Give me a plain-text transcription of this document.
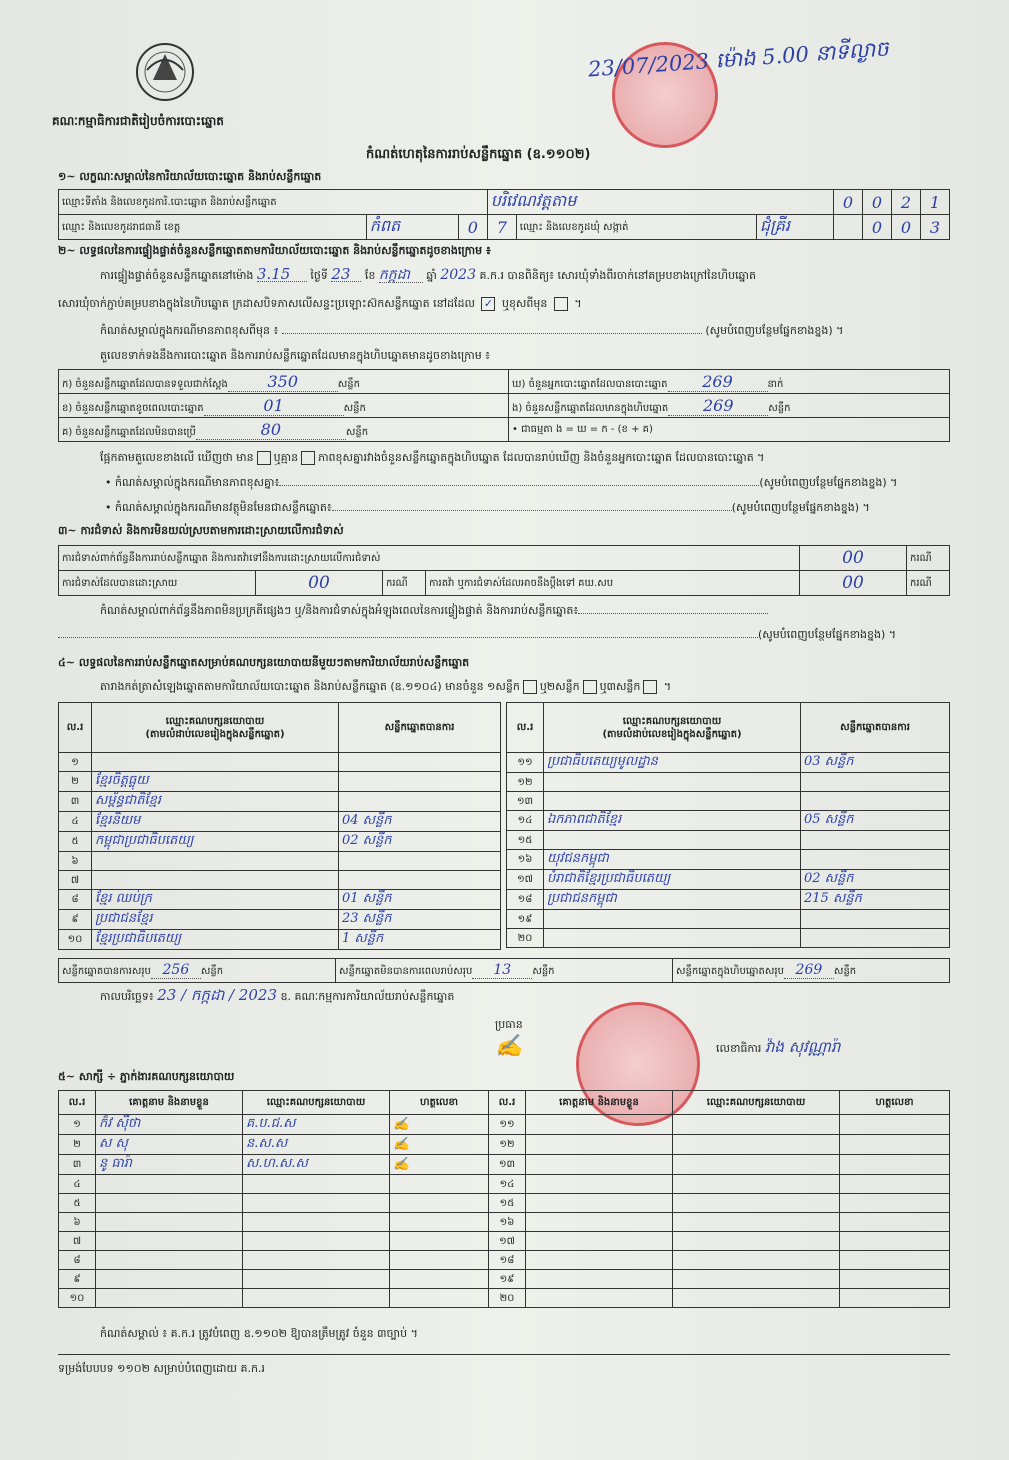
គណៈកម្មាធិការជាតិរៀបចំការបោះឆ្នោត
កំណត់ហេតុនៃការរាប់សន្លឹកឆ្នោត (ឧ.១១០២)
23/07/2023 ម៉ោង 5.00 នាទីល្ងាច
១~ លក្ខណៈសម្គាល់នៃការិយាល័យបោះឆ្នោត និងរាប់សន្លឹកឆ្នោត
ឈ្មោះទីតាំង និងលេខកូដការិ.បោះឆ្នោត និងរាប់សន្លឹកឆ្នោត			បរិវេណវត្តតាម			0	0	2	1
ឈ្មោះ និងលេខកូដរាជធានី ខេត្ត	កំពត	0	7	ឈ្មោះ និងលេខកូដឃុំ សង្កាត់	ជុំគ្រីរ		0	0	3
២~ លទ្ធផលនៃការផ្ទៀងផ្ទាត់ចំនួនសន្លឹកឆ្នោតតាមការិយាល័យបោះឆ្នោត និងរាប់សន្លឹកឆ្នោតដូចខាងក្រោម ៖
ការផ្ទៀងផ្ទាត់ចំនួនសន្លឹកឆ្នោតនៅម៉ោង 3.15 ថ្ងៃទី 23 ខែ កក្កដា ឆ្នាំ 2023 គ.ក.រ បានពិនិត្យ៖ សោរឃុំទាំងពីរចាក់នៅគម្របខាងក្រៅនៃហិបឆ្នោត
សោរឃុំចាក់ភ្ជាប់គម្របខាងក្នុងនៃហិបឆ្នោត ក្រដាសបិទភាសលើសន្ទះប្រឡោះស៊កសន្លឹកឆ្នោត នៅដដែល ✓ ឬខុសពីមុន  ។
កំណត់សម្គាល់ក្នុងករណីមានភាពខុសពីមុន ៖	(សូមបំពេញបន្ថែមផ្នែកខាងខ្នង) ។
តួលេខទាក់ទងនឹងការបោះឆ្នោត និងការរាប់សន្លឹកឆ្នោតដែលមានក្នុងហិបឆ្នោតមានដូចខាងក្រោម ៖
ក) ចំនួនសន្លឹកឆ្នោតដែលបានទទួលជាក់ស្តែង 350 សន្លឹក	ឃ) ចំនួនអ្នកបោះឆ្នោតដែលបានបោះឆ្នោត 269 នាក់
ខ) ចំនួនសន្លឹកឆ្នោតខូចពេលបោះឆ្នោត 01 សន្លឹក	ង) ចំនួនសន្លឹកឆ្នោតដែលមានក្នុងហិបឆ្នោត 269 សន្លឹក
គ) ចំនួនសន្លឹកឆ្នោតដែលមិនបានប្រើ 80 សន្លឹក	• ជាធម្មតា ង = ឃ = ក - (ខ + គ)
ផ្អែកតាមតួលេខខាងលើ ឃើញថា មាន ឬគ្មាន ភាពខុសគ្នារវាងចំនួនសន្លឹកឆ្នោតក្នុងហិបឆ្នោត ដែលបានរាប់ឃើញ និងចំនួនអ្នកបោះឆ្នោត ដែលបានបោះឆ្នោត ។
• កំណត់សម្គាល់ក្នុងករណីមានភាពខុសគ្នា៖	(សូមបំពេញបន្ថែមផ្នែកខាងខ្នង) ។
• កំណត់សម្គាល់ក្នុងករណីមានវត្ថុមិនមែនជាសន្លឹកឆ្នោត៖	(សូមបំពេញបន្ថែមផ្នែកខាងខ្នង) ។
៣~ ការជំទាស់ និងការមិនយល់ស្របតាមការដោះស្រាយលើការជំទាស់
ការជំទាស់ពាក់ព័ន្ធនឹងការរាប់សន្លឹកឆ្នោត និងការតវ៉ាទៅនឹងការដោះស្រាយលើការជំទាស់				00	ករណី
ការជំទាស់ដែលបានដោះស្រាយ	00	ករណី	ការតវ៉ា ឬការជំទាស់ដែលអាចនឹងប្តឹងទៅ គឃ.សប	00	ករណី
កំណត់សម្គាល់ពាក់ព័ន្ធនឹងភាពមិនប្រក្រតីផ្សេងៗ ឬ/និងការជំទាស់ក្នុងអំឡុងពេលនៃការផ្ទៀងផ្ទាត់ និងការរាប់សន្លឹកឆ្នោត៖
(សូមបំពេញបន្ថែមផ្នែកខាងខ្នង) ។
៤~ លទ្ធផលនៃការរាប់សន្លឹកឆ្នោតសម្រាប់គណបក្សនយោបាយនីមួយៗតាមការិយាល័យរាប់សន្លឹកឆ្នោត
តារាងកត់ត្រាសំឡេងឆ្នោតតាមការិយាល័យបោះឆ្នោត និងរាប់សន្លឹកឆ្នោត (ឧ.១១០៤) មានចំនួន ១សន្លឹក ឬ២សន្លឹក ឬ៣សន្លឹក ។
ល.រ	ឈ្មោះគណបក្សនយោបាយ
(តាមលំដាប់លេខរៀងក្នុងសន្លឹកឆ្នោត)	សន្លឹកឆ្នោតបានការ
១		
២	ខ្មែរចិត្តធ្លុយ	
៣	សម្ព័ន្ធជាតិខ្មែរ	
៤	ខ្មែរនិយម	04 សន្លឹក
៥	កម្ពុជាប្រជាធិបតេយ្យ	02 សន្លឹក
៦		
៧		
៨	ខ្មែរ ឈប់ក្រ	01 សន្លឹក
៩	ប្រជាជនខ្មែរ	23 សន្លឹក
១០	ខ្មែរប្រជាធិបតេយ្យ	1 សន្លឹក
ល.រ	ឈ្មោះគណបក្សនយោបាយ
(តាមលំដាប់លេខរៀងក្នុងសន្លឹកឆ្នោត)	សន្លឹកឆ្នោតបានការ
១១	ប្រជាធិបតេយ្យមូលដ្ឋាន	03 សន្លឹក
១២		
១៣		
១៤	ឯកភាពជាតិខ្មែរ	05 សន្លឹក
១៥		
១៦	យុវជនកម្ពុជា	
១៧	បំរាជាតិខ្មែរប្រជាធិបតេយ្យ	02 សន្លឹក
១៨	ប្រជាជនកម្ពុជា	215 សន្លឹក
១៩		
២០		
សន្លឹកឆ្នោតបានការសរុប 256 សន្លឹក	សន្លឹកឆ្នោតមិនបានការពេលរាប់សរុប 13 សន្លឹក	សន្លឹកឆ្នោតក្នុងហិបឆ្នោតសរុប 269 សន្លឹក
កាលបរិច្ឆេទ៖ 23 / កក្កដា / 2023 ឧ. គណៈកម្មការការិយាល័យរាប់សន្លឹកឆ្នោត
ប្រធាន
✍	លេខាធិការ វ៉ាង សុវណ្ណារ៉ា
៥~ សាក្សី ÷ ភ្នាក់ងារគណបក្សនយោបាយ
ល.រ	គោត្តនាម និងនាមខ្លួន	ឈ្មោះគណបក្សនយោបាយ	ហត្ថលេខា	ល.រ	គោត្តនាម និងនាមខ្លួន	ឈ្មោះគណបក្សនយោបាយ	ហត្ថលេខា
១	ក៏វ ស៊ីថា	គ.ប.ជ.ស	✍	១១			
២	ស សុ	ន.ស.ស	✍	១២			
៣	នូ ធារ៉ា	ស.ហ.ស.ស	✍	១៣			
៤				១៤			
៥				១៥			
៦				១៦			
៧				១៧			
៨				១៨			
៩				១៩			
១០				២០			
កំណត់សម្គាល់ ៖ គ.ក.រ ត្រូវបំពេញ ឧ.១១០២ ឱ្យបានត្រឹមត្រូវ ចំនួន ៣ច្បាប់ ។
ទម្រង់បែបបទ ១១០២ សម្រាប់បំពេញដោយ គ.ក.រ
